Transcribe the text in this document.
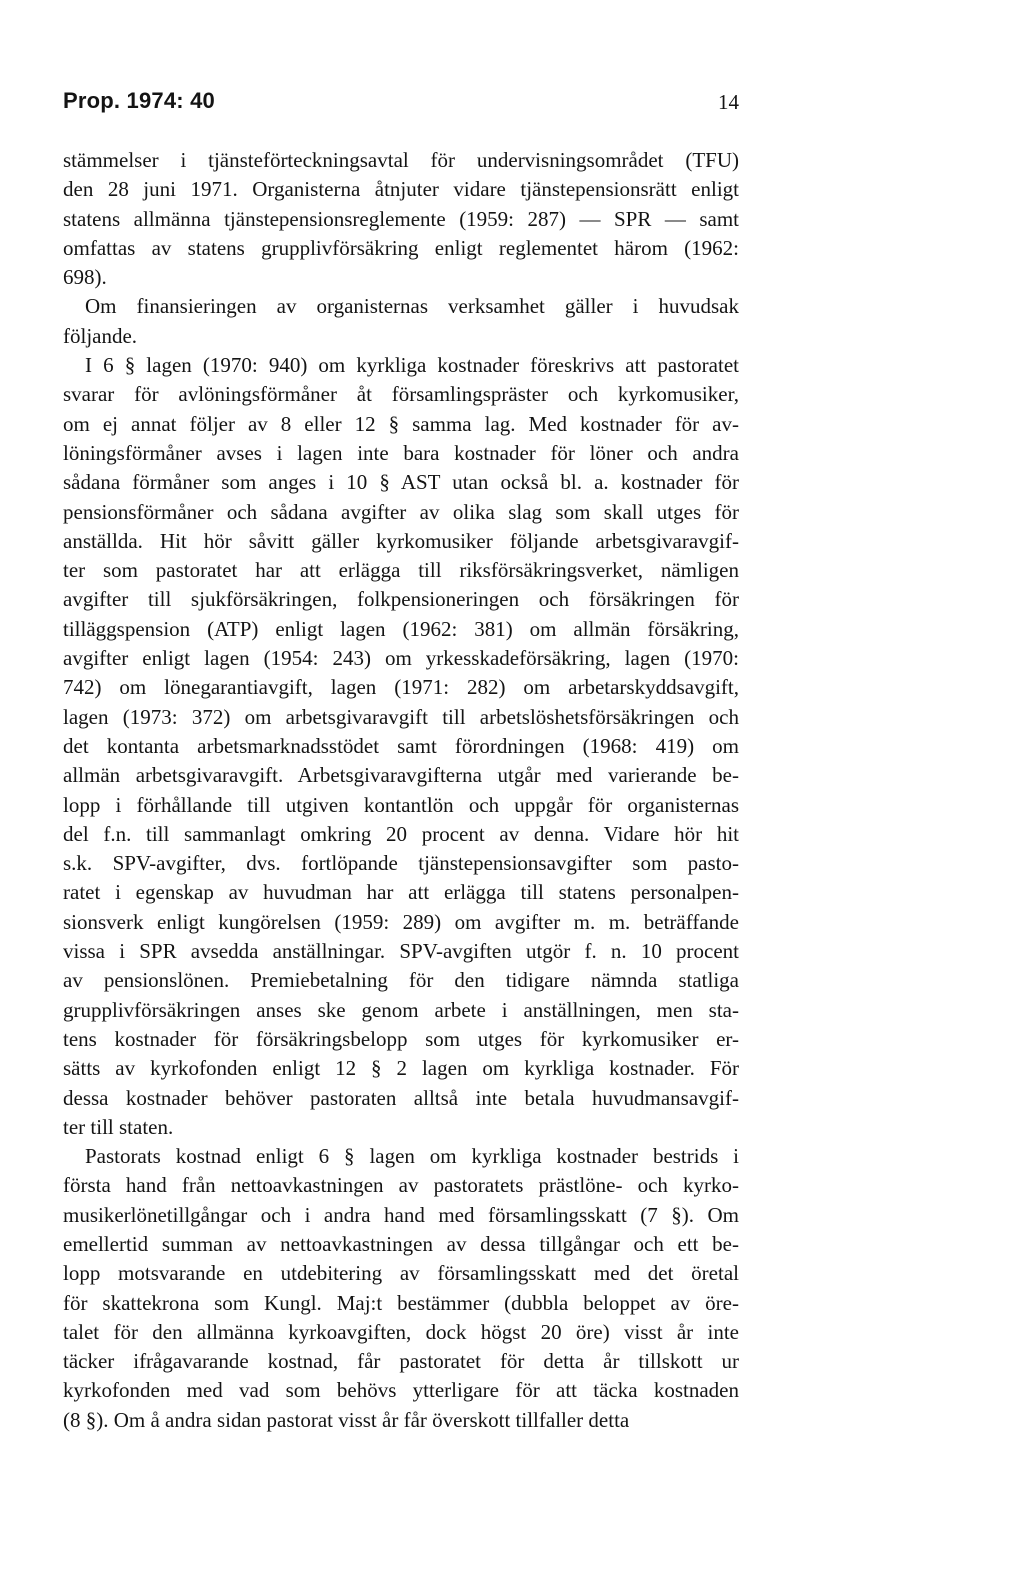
Prop. 1974: 40	14
stämmelser i tjänsteförteckningsavtal för undervisningsområdet (TFU)
den 28 juni 1971. Organisterna åtnjuter vidare tjänstepensionsrätt enligt
statens allmänna tjänstepensionsreglemente (1959: 287) — SPR — samt
omfattas av statens grupplivförsäkring enligt reglementet härom (1962:
698).
Om finansieringen av organisternas verksamhet gäller i huvudsak
följande.
I 6 § lagen (1970: 940) om kyrkliga kostnader föreskrivs att pastoratet
svarar för avlöningsförmåner åt församlingspräster och kyrkomusiker,
om ej annat följer av 8 eller 12 § samma lag. Med kostnader för av-
löningsförmåner avses i lagen inte bara kostnader för löner och andra
sådana förmåner som anges i 10 § AST utan också bl. a. kostnader för
pensionsförmåner och sådana avgifter av olika slag som skall utges för
anställda. Hit hör såvitt gäller kyrkomusiker följande arbetsgivaravgif-
ter som pastoratet har att erlägga till riksförsäkringsverket, nämligen
avgifter till sjukförsäkringen, folkpensioneringen och försäkringen för
tilläggspension (ATP) enligt lagen (1962: 381) om allmän försäkring,
avgifter enligt lagen (1954: 243) om yrkesskadeförsäkring, lagen (1970:
742) om lönegarantiavgift, lagen (1971: 282) om arbetarskyddsavgift,
lagen (1973: 372) om arbetsgivaravgift till arbetslöshetsförsäkringen och
det kontanta arbetsmarknadsstödet samt förordningen (1968: 419) om
allmän arbetsgivaravgift. Arbetsgivaravgifterna utgår med varierande be-
lopp i förhållande till utgiven kontantlön och uppgår för organisternas
del f.n. till sammanlagt omkring 20 procent av denna. Vidare hör hit
s.k. SPV-avgifter, dvs. fortlöpande tjänstepensionsavgifter som pasto-
ratet i egenskap av huvudman har att erlägga till statens personalpen-
sionsverk enligt kungörelsen (1959: 289) om avgifter m. m. beträffande
vissa i SPR avsedda anställningar. SPV-avgiften utgör f. n. 10 procent
av pensionslönen. Premiebetalning för den tidigare nämnda statliga
grupplivförsäkringen anses ske genom arbete i anställningen, men sta-
tens kostnader för försäkringsbelopp som utges för kyrkomusiker er-
sätts av kyrkofonden enligt 12 § 2 lagen om kyrkliga kostnader. För
dessa kostnader behöver pastoraten alltså inte betala huvudmansavgif-
ter till staten.
Pastorats kostnad enligt 6 § lagen om kyrkliga kostnader bestrids i
första hand från nettoavkastningen av pastoratets prästlöne- och kyrko-
musikerlönetillgångar och i andra hand med församlingsskatt (7 §). Om
emellertid summan av nettoavkastningen av dessa tillgångar och ett be-
lopp motsvarande en utdebitering av församlingsskatt med det öretal
för skattekrona som Kungl. Maj:t bestämmer (dubbla beloppet av öre-
talet för den allmänna kyrkoavgiften, dock högst 20 öre) visst år inte
täcker ifrågavarande kostnad, får pastoratet för detta år tillskott ur
kyrkofonden med vad som behövs ytterligare för att täcka kostnaden
(8 §). Om å andra sidan pastorat visst år får överskott tillfaller detta
